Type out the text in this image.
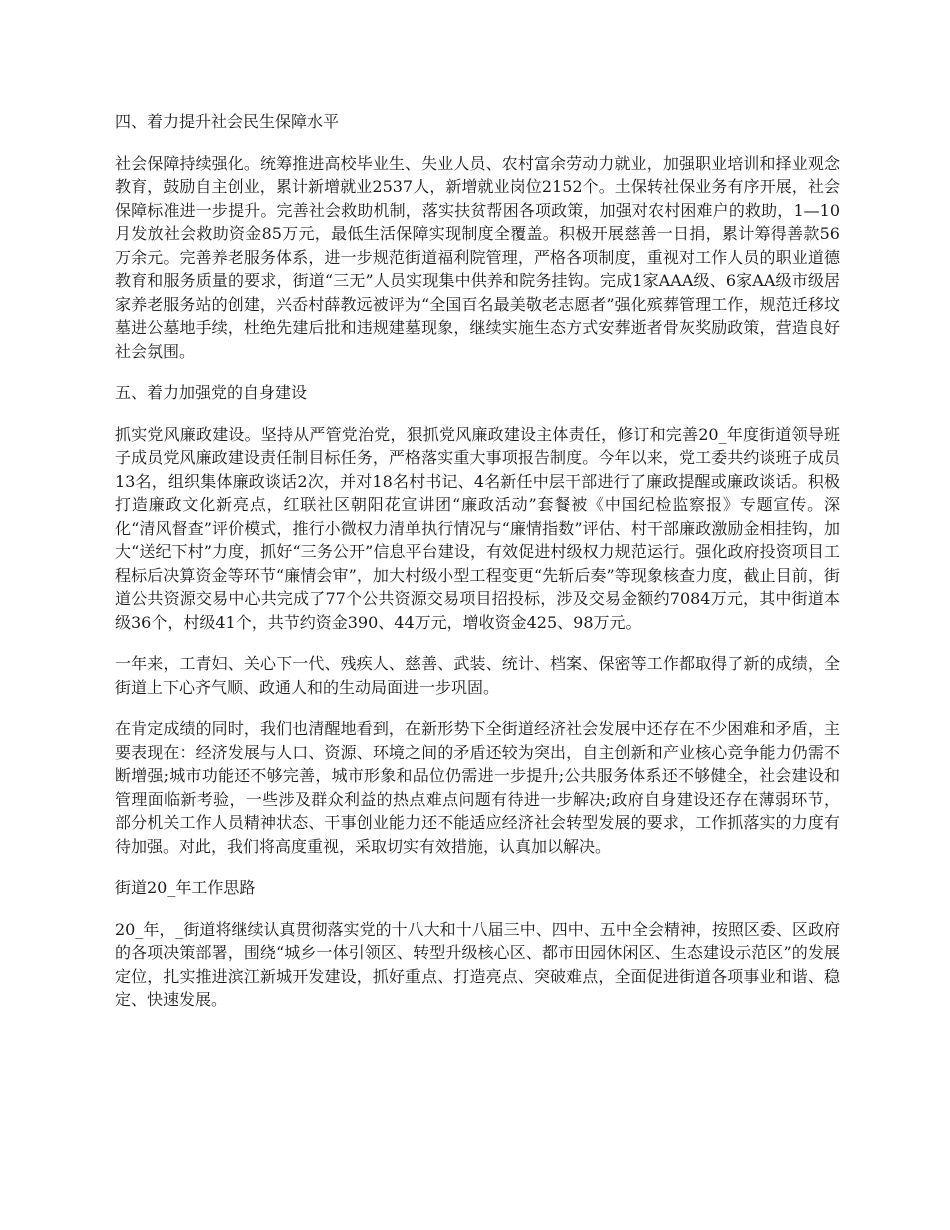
四、着力提升社会民生保障水平

社会保障持续强化。统筹推进高校毕业生、失业人员、农村富余劳动力就业，加强职业培训和择业观念教育，鼓励自主创业，累计新增就业2537人，新增就业岗位2152个。土保转社保业务有序开展，社会保障标准进一步提升。完善社会救助机制，落实扶贫帮困各项政策，加强对农村困难户的救助，1—10月发放社会救助资金85万元，最低生活保障实现制度全覆盖。积极开展慈善一日捐，累计筹得善款56万余元。完善养老服务体系，进一步规范街道福利院管理，严格各项制度，重视对工作人员的职业道德教育和服务质量的要求，街道“三无”人员实现集中供养和院务挂钩。完成1家AAA级、6家AA级市级居家养老服务站的创建，兴岙村薛教远被评为“全国百名最美敬老志愿者”强化殡葬管理工作，规范迁移坟墓进公墓地手续，杜绝先建后批和违规建墓现象，继续实施生态方式安葬逝者骨灰奖励政策，营造良好社会氛围。

五、着力加强党的自身建设

抓实党风廉政建设。坚持从严管党治党，狠抓党风廉政建设主体责任，修订和完善20_年度街道领导班子成员党风廉政建设责任制目标任务，严格落实重大事项报告制度。今年以来，党工委共约谈班子成员13名，组织集体廉政谈话2次，并对18名村书记、4名新任中层干部进行了廉政提醒或廉政谈话。积极打造廉政文化新亮点，红联社区朝阳花宣讲团“廉政活动”套餐被《中国纪检监察报》专题宣传。深化“清风督查”评价模式，推行小微权力清单执行情况与“廉情指数”评估、村干部廉政激励金相挂钩，加大“送纪下村”力度，抓好“三务公开”信息平台建设，有效促进村级权力规范运行。强化政府投资项目工程标后决算资金等环节“廉情会审”，加大村级小型工程变更“先斩后奏”等现象核查力度，截止目前，街道公共资源交易中心共完成了77个公共资源交易项目招投标，涉及交易金额约7084万元，其中街道本级36个，村级41个，共节约资金390、44万元，增收资金425、98万元。

一年来，工青妇、关心下一代、残疾人、慈善、武装、统计、档案、保密等工作都取得了新的成绩，全街道上下心齐气顺、政通人和的生动局面进一步巩固。

在肯定成绩的同时，我们也清醒地看到，在新形势下全街道经济社会发展中还存在不少困难和矛盾，主要表现在：经济发展与人口、资源、环境之间的矛盾还较为突出，自主创新和产业核心竞争能力仍需不断增强;城市功能还不够完善，城市形象和品位仍需进一步提升;公共服务体系还不够健全，社会建设和管理面临新考验，一些涉及群众利益的热点难点问题有待进一步解决;政府自身建设还存在薄弱环节，部分机关工作人员精神状态、干事创业能力还不能适应经济社会转型发展的要求，工作抓落实的力度有待加强。对此，我们将高度重视，采取切实有效措施，认真加以解决。

街道20_年工作思路

20_年，_街道将继续认真贯彻落实党的十八大和十八届三中、四中、五中全会精神，按照区委、区政府的各项决策部署，围绕“城乡一体引领区、转型升级核心区、都市田园休闲区、生态建设示范区”的发展定位，扎实推进滨江新城开发建设，抓好重点、打造亮点、突破难点，全面促进街道各项事业和谐、稳定、快速发展。
